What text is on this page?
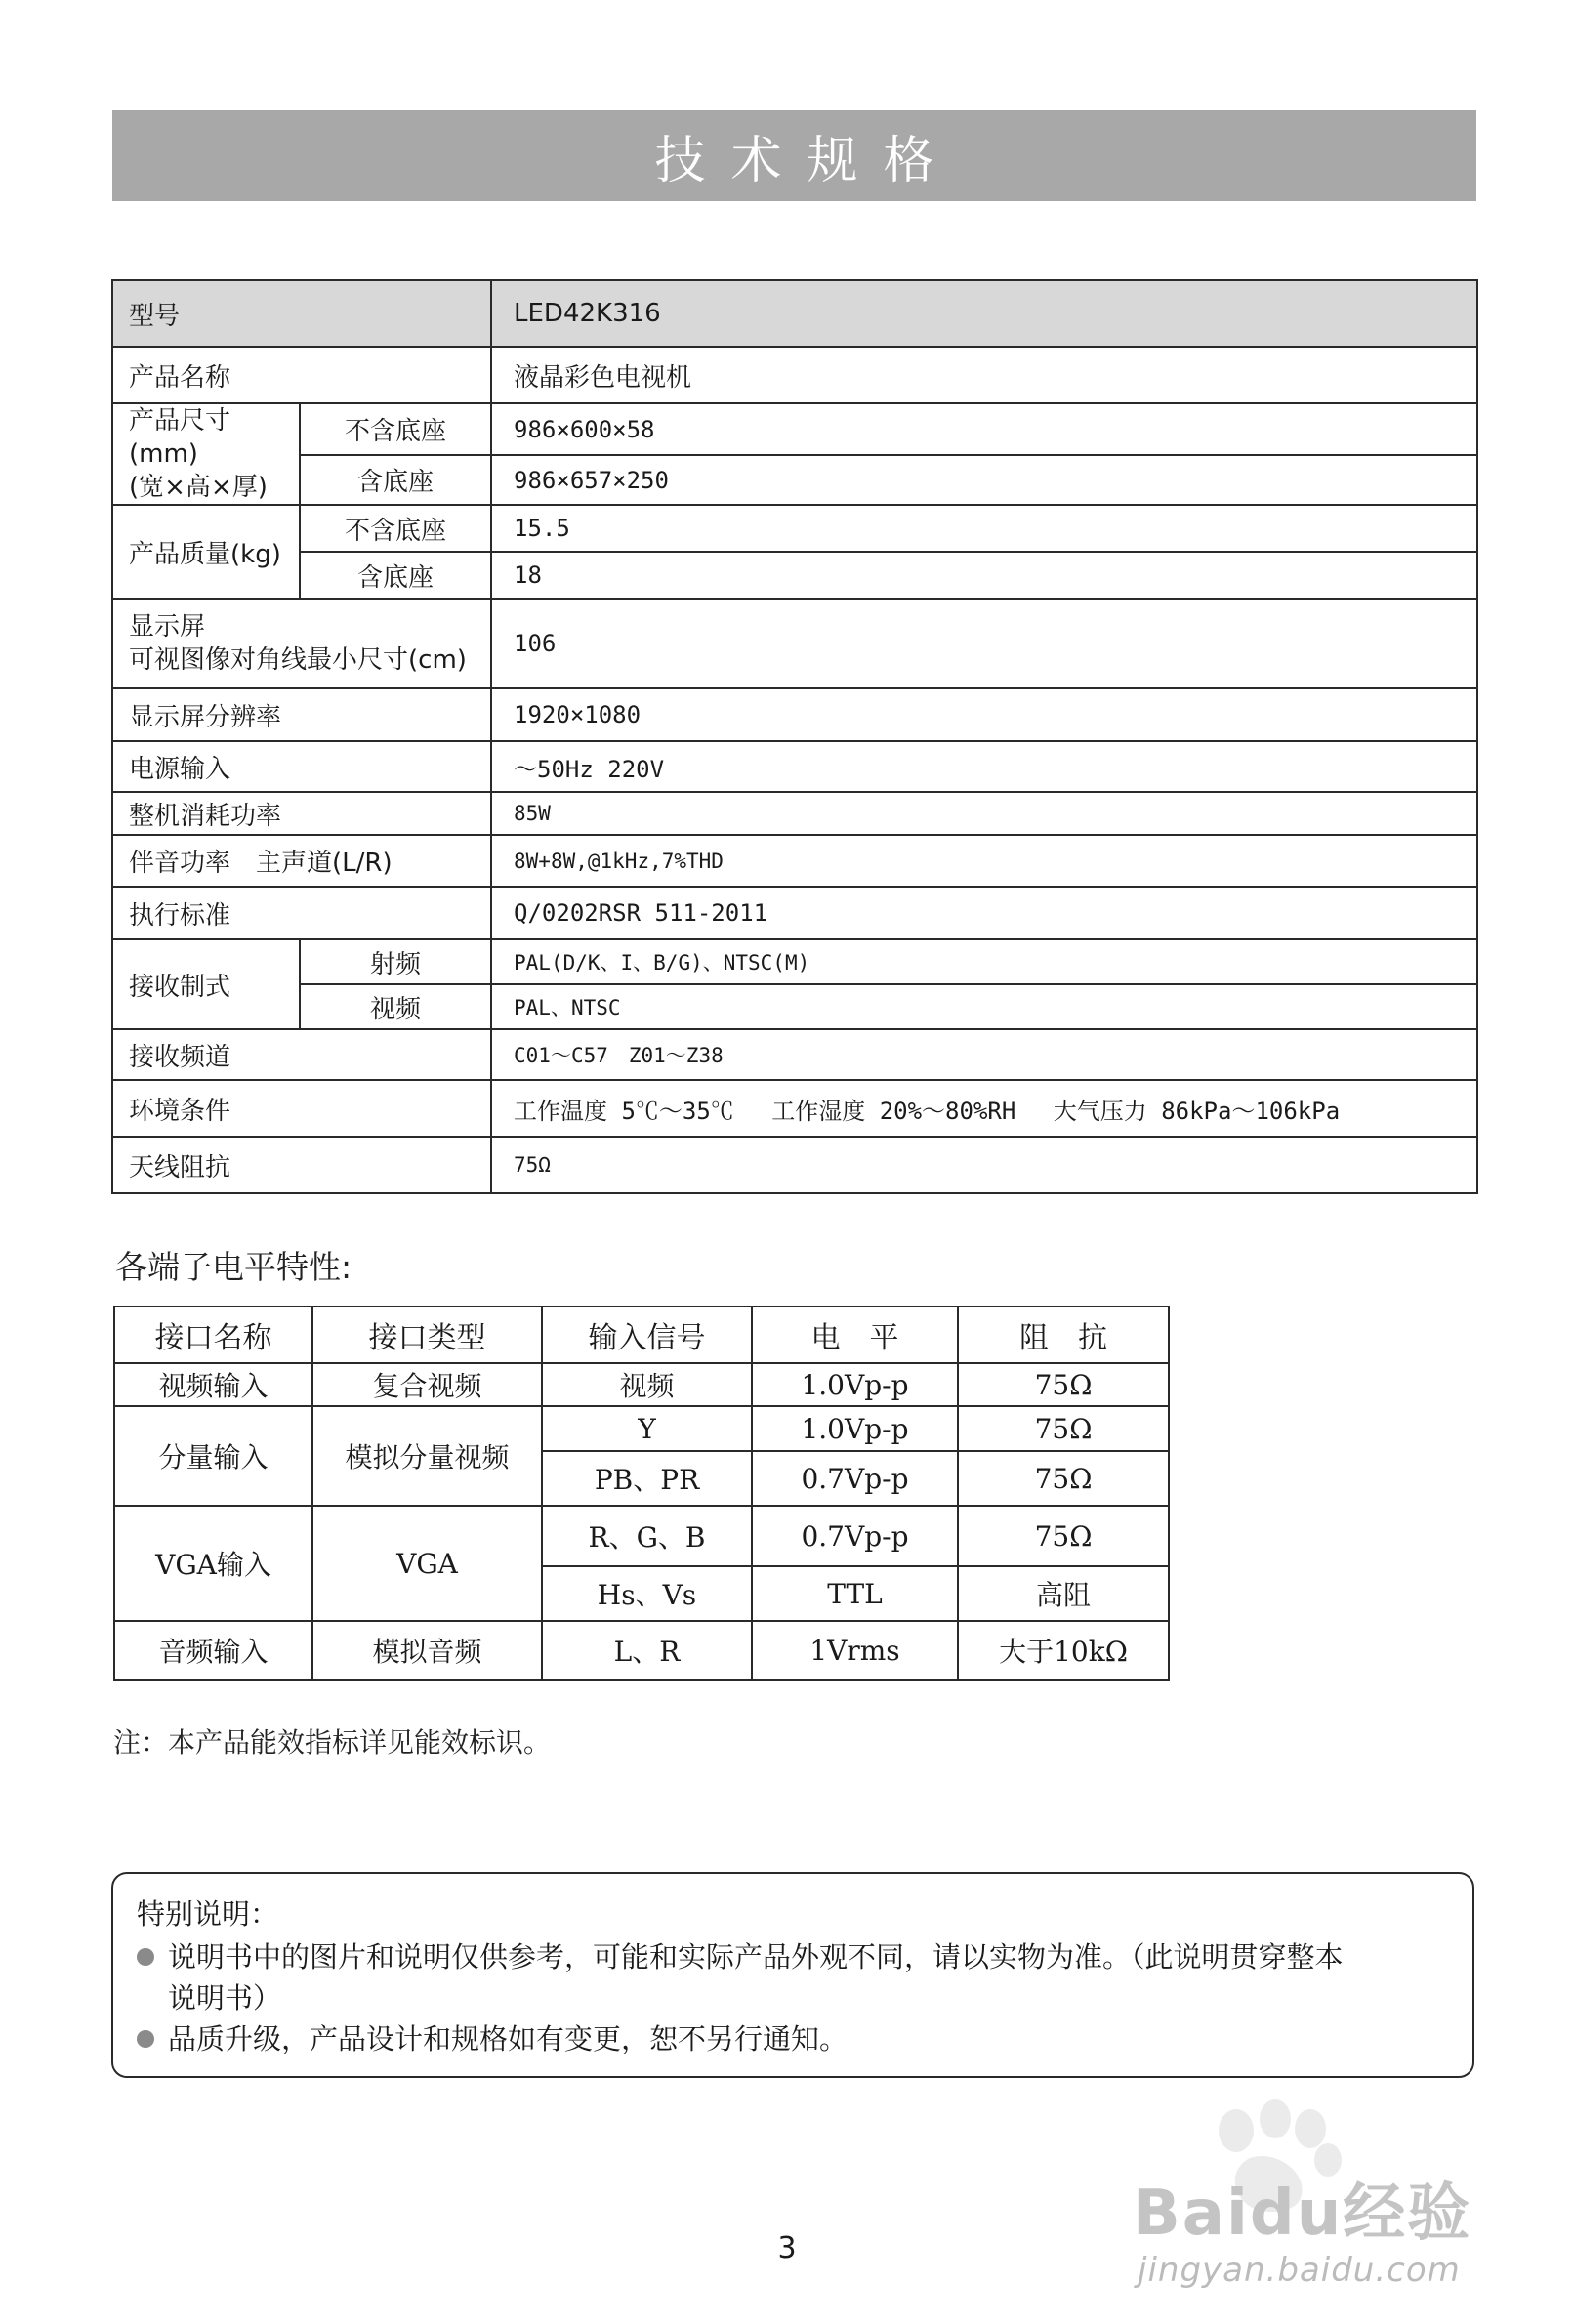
技术规格
型号		LED42K316
产品名称		液晶彩色电视机

产品尺寸(mm)
(宽×高×厚)	不含底座	986×600×58
	含底座	986×657×250
产品质量(kg)	不含底座	15.5
	含底座	18

显示屏
可视图像对角线最小尺寸(cm)		106
显示屏分辨率		1920×1080
电源输入		～50Hz 220V
整机消耗功率		85W
伴音功率　主声道(L/R)		8W+8W,@1kHz,7%THD
执行标准		Q/0202RSR 511-2011
接收制式	射频	PAL(D/K、I、B/G)、NTSC(M)
	视频	PAL、NTSC
接收频道		C01～C57　Z01～Z38
环境条件		工作温度 5℃～35℃　 工作湿度 20%～80%RH　 大气压力 86kPa～106kPa
天线阻抗		75Ω
各端子电平特性:
接口名称	接口类型	输入信号	电　平	阻　抗
视频输入	复合视频	视频	1.0Vp-p	75Ω
分量输入	模拟分量视频	Y	1.0Vp-p	75Ω
		PB、PR	0.7Vp-p	75Ω
VGA输入	VGA	R、G、B	0.7Vp-p	75Ω
		Hs、Vs	TTL	高阻
音频输入	模拟音频	L、R	1Vrms	大于10kΩ
注：本产品能效指标详见能效标识。
特别说明：
说明书中的图片和说明仅供参考，可能和实际产品外观不同，请以实物为准。（此说明贯穿整本
说明书）
品质升级，产品设计和规格如有变更，恕不另行通知。
Baidu经验
jingyan.baidu.com
3
